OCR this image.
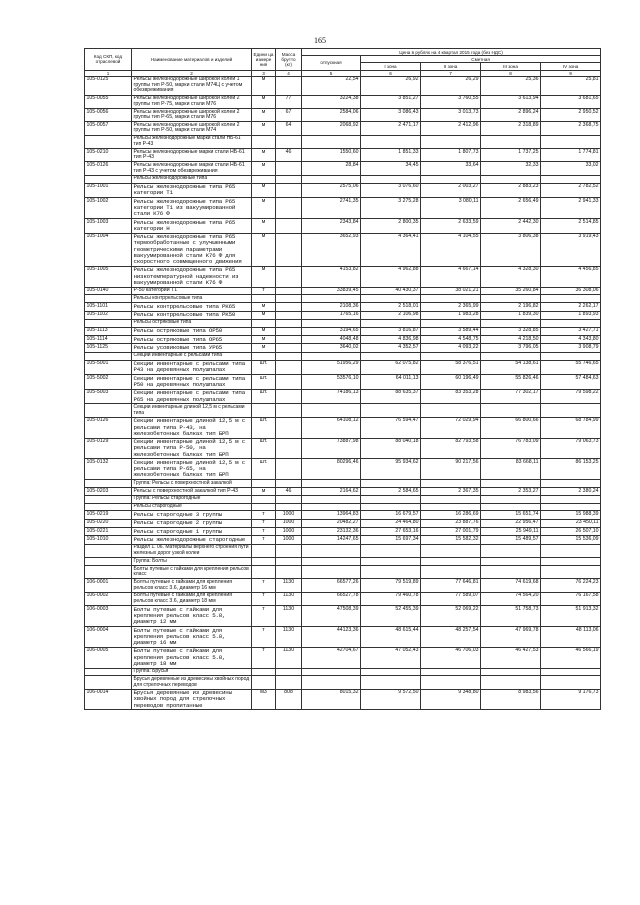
165
Код СКП, код отраслевой	Наименование материалов и изделий	Едини ца измере ния	Масса брутто (кг)	Цена в рублях на 4 квартал 2015 года (без НДС)				
				отпускная	Сметная			
					I зона	II зона	III зона	IV зона
1	2	3	4	5	6	7	8	9
105-0125	Рельсы железнодорожные широкой колеи 1 группы тип Р-50, марки стали М74Ц с учетом обезвреживания	м		22,54	26,92	26,29	25,36	25,81
105-0055	Рельсы железнодорожные широкой колеи 2 группы тип Р-75, марки стали М76	м	77	3224,38	3 851,27	3 760,55	3 613,94	3 681,65
105-0056	Рельсы железнодорожные широкой колеи 2 группы тип Р-65, марки стали М76	м	67	2584,06	3 086,43	3 013,73	2 896,24	2 950,52
105-0057	Рельсы железнодорожные широкой колеи 2 группы тип Р-50, марки стали М74	м	64	2068,92	2 471,17	2 412,96	2 318,89	2 368,75
	Рельсы железнодорожные марки стали НБ-61 тип Р-43							
105-0210	Рельсы железнодорожные марки стали НБ-61 тип Р-43	м	46	1550,60	1 851,33	1 807,73	1 737,25	1 774,81
105-0126	Рельсы железнодорожные марки стали НБ-61 тип Р-43 с учетом обезвреживания	м		28,84	34,45	33,64	32,33	33,02
	Рельсы железнодорожные типа							
105-1001	Рельсы железнодорожные типа Р65 категории Т1	м		2575,06	3 076,60	2 003,27	2 883,23	2 782,52
105-1002	Рельсы железнодорожные типа Р65 категории Т1 из вакуумированной стали К76 Ф	м		2741,35	3 275,28	3 080,11	2 656,49	2 941,33
105-1003	Рельсы железнодорожные типа Р65 категории Н	м		2343,84	2 800,35	2 633,59	2 442,30	2 514,85
105-1004	Рельсы железнодорожные типа Р65 термообработанные с улучшенными геометрическими параметрами вакуумированной стали К76 Ф для скоростного совмещенного движения	м		3652,93	4 364,41	4 104,55	3 806,38	3 919,43
105-1005	Рельсы железнодорожные типа Р65 низкотемпературной надежности из вакуумированной стали К76 Ф	м		4153,82	4 962,88	4 667,14	4 328,30	4 456,85
105-0140	Р-50 категории Т1	т		33839,45	40 430,37	38 021,21	35 260,84	36 308,06
	Рельсы контррельсовые типа							
105-1101	Рельсы контррельсовые типа РК65	м		2108,36	2 518,01	2 365,99	2 196,82	2 262,17
105-1102	Рельсы контррельсовые типа РК50	м		1765,16	2 106,98	1 983,28	1 839,30	1 893,93
	Рельсы остряковые типа							
105-1113	Рельсы остряковые типа ОР50	м		3194,65	3 816,87	3 589,44	3 328,85	3 427,71
105-1114	Рельсы остряковые типа ОР65	м		4048,48	4 836,98	4 548,75	4 218,50	4 343,80
105-1125	Рельсы усовиковые типа УР65	м		3640,02	4 352,57	4 093,22	3 796,05	3 908,79
	Секции инвентарные с рельсами типа							
105-5001	Секции инвентарные с рельсами типа Р43 на деревянных полушпалах	шт.		51956,29	62 075,82	58 376,51	54 138,61	55 746,65
105-5002	Секции инвентарные с рельсами типа Р50 на деревянных полушпалах	шт.		53576,10	64 011,13	60 196,49	55 826,46	57 484,63
105-5003	Секции инвентарные с рельсами типа Р65 на деревянных полушпалах	шт.		74186,13	88 635,37	83 353,28	77 302,17	79 598,22
	Секции инвентарные длиной 12,5 м с рельсами типа							
105-0126	Секции инвентарные длиной 12,5 м с рельсами типа Р-43, на железобетонных балках тип БРП	шт.		64108,12	76 594,47	72 029,94	66 800,66	68 784,99
105-0129	Секции инвентарные длиной 12,5 м с рельсами типа Р-50, на железобетонных балках тип БРП	шт.		73887,98	88 040,18	82 793,58	76 783,09	79 063,73
105-0132	Секции инвентарные длиной 12,5 м с рельсами типа Р-65, на железобетонных балках тип БРП	шт.		80296,46	95 934,62	90 217,56	83 668,11	86 153,25
	Группа: Рельсы с поверхностной закалкой							
105-0203	Рельсы с поверхностной закалкой тип Р-43	м	46	2164,62	2 584,65	2 367,35	2 353,27	2 380,24
	Группа: Рельсы старогодные							
	Рельсы старогодные							
105-0219	Рельсы старогодные 3 группы	т	1000	13964,83	16 679,57	16 286,69	15 651,74	15 988,39
105-0220	Рельсы старогодные 2 группы	т	1000	20482,27	24 464,80	23 887,76	22 956,47	23 450,11
105-0221	Рельсы старогодные 1 группы	т	1000	23132,36	27 653,16	27 001,79	25 949,11	26 507,10
105-1010	Рельсы железнодорожные старогодные	т	1000	14247,65	15 697,34	15 582,32	15 489,57	15 536,09
	Раздел 1. 06. Материалы верхнего строения пути железных дорог узкой колеи							
	Группа: Болты							
	Болты путевые с гайками для крепления рельсов класс							
106-0001	Болты путевые с гайками для крепления рельсов класс 3.6, диаметр 16 мм	т	1130	66577,26	79 519,89	77 646,81	74 619,68	76 224,23
106-0002	Болты путевые с гайками для крепления рельсов класс 3.6, диаметр 18 мм	т	1130	66527,78	79 460,78	77 589,07	74 564,20	76 167,58
106-0003	Болты путевые с гайками для крепления рельсов класс 5.8, диаметр 12 мм	т	1130	47508,39	52 455,39	52 069,22	51 758,73	51 913,32
106-0004	Болты путевые с гайками для крепления рельсов класс 5.8, диаметр 16 мм	т	1130	44123,36	48 615,44	48 257,54	47 969,78	48 113,06
106-0005	Болты путевые с гайками для крепления рельсов класс 5.8, диаметр 18 мм	т	1130	42704,67	47 052,43	46 706,03	46 427,53	46 566,19
	Группа: Брусья							
	Брусья деревянные из древесины хвойных пород для стрелочных переводов							
106-0014	Брусья деревянные из древесины хвойных пород для стрелочных переводов пропитанные	м3	808	8015,32	9 572,50	9 348,80	8 983,56	9 176,73
